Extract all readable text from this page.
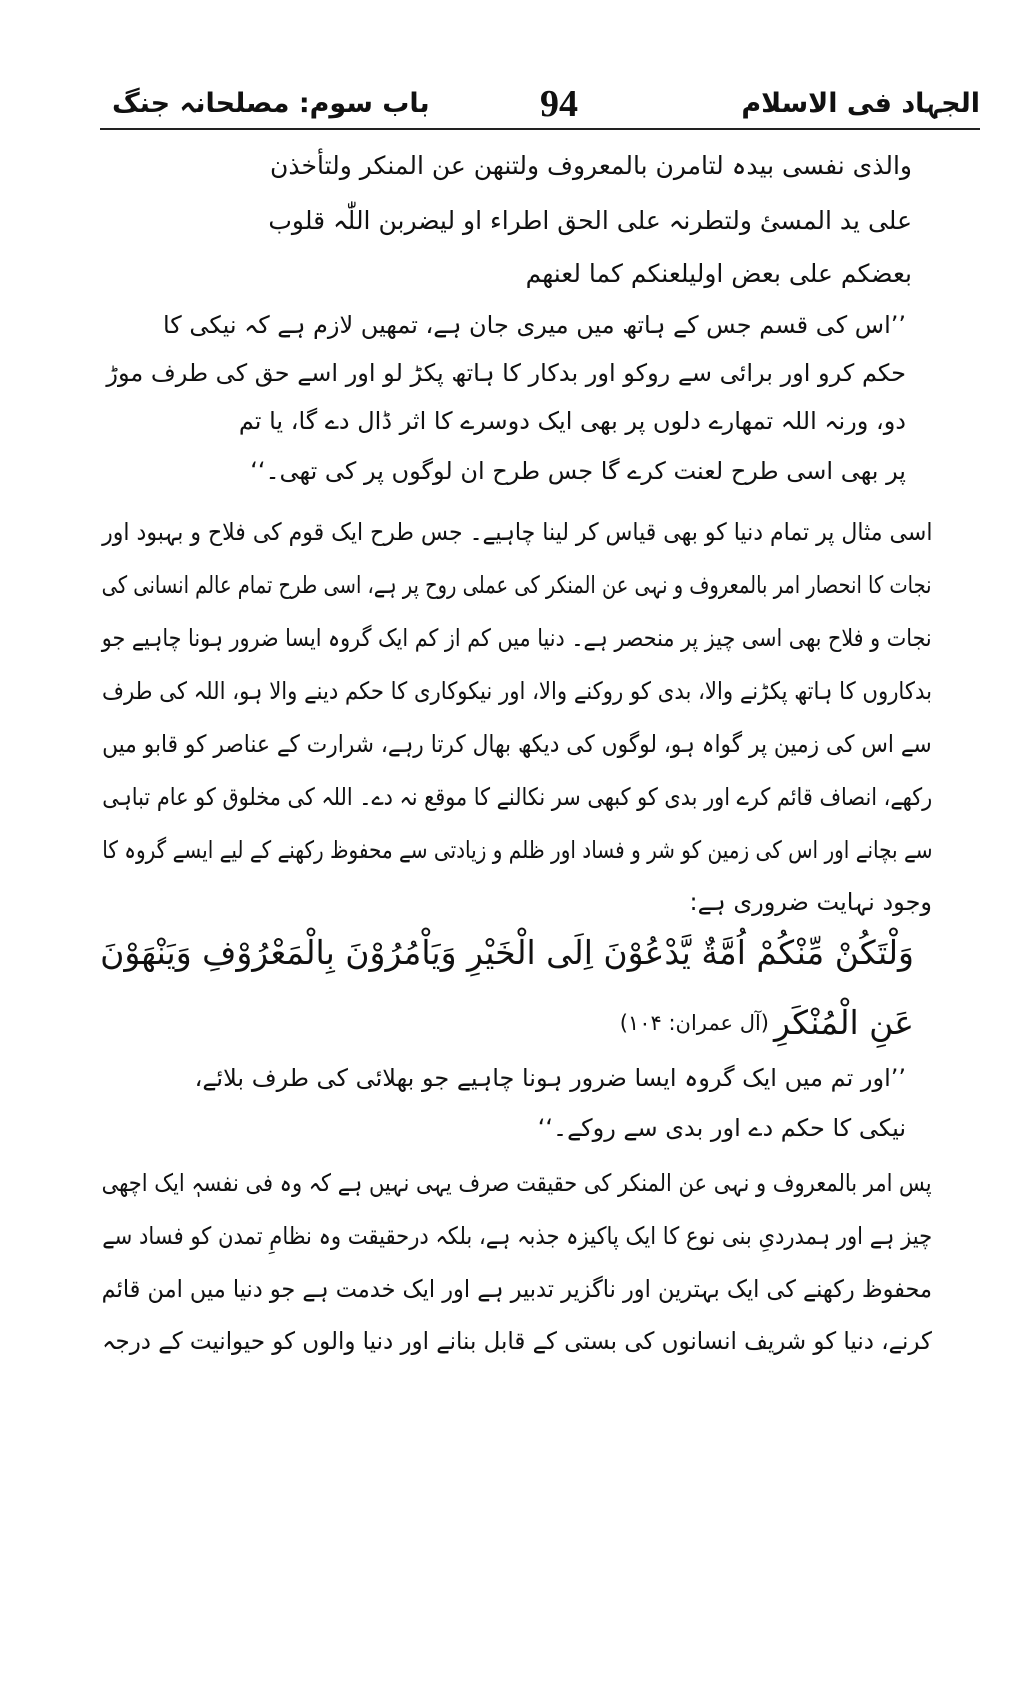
الجہاد فی الاسلام
94
باب سوم: مصلحانہ جنگ
والذی نفسی بیدہ لتامرن بالمعروف ولتنھن عن المنکر ولتأخذن
علی ید المسیٔ ولتطرنہ علی الحق اطراء او لیضربن اللّٰہ قلوب
بعضکم علی بعض اولیلعنکم کما لعنھم
’’اس کی قسم جس کے ہاتھ میں میری جان ہے، تمھیں لازم ہے کہ نیکی کا
حکم کرو اور برائی سے روکو اور بدکار کا ہاتھ پکڑ لو اور اسے حق کی طرف موڑ
دو، ورنہ اللہ تمھارے دلوں پر بھی ایک دوسرے کا اثر ڈال دے گا، یا تم
پر بھی اسی طرح لعنت کرے گا جس طرح ان لوگوں پر کی تھی۔‘‘
اسی مثال پر تمام دنیا کو بھی قیاس کر لینا چاہیے۔ جس طرح ایک قوم کی فلاح و بہبود اور
نجات کا انحصار امر بالمعروف و نہی عن المنکر کی عملی روح پر ہے، اسی طرح تمام عالم انسانی کی
نجات و فلاح بھی اسی چیز پر منحصر ہے۔ دنیا میں کم از کم ایک گروہ ایسا ضرور ہونا چاہیے جو
بدکاروں کا ہاتھ پکڑنے والا، بدی کو روکنے والا، اور نیکوکاری کا حکم دینے والا ہو، اللہ کی طرف
سے اس کی زمین پر گواہ ہو، لوگوں کی دیکھ بھال کرتا رہے، شرارت کے عناصر کو قابو میں
رکھے، انصاف قائم کرے اور بدی کو کبھی سر نکالنے کا موقع نہ دے۔ اللہ کی مخلوق کو عام تباہی
سے بچانے اور اس کی زمین کو شر و فساد اور ظلم و زیادتی سے محفوظ رکھنے کے لیے ایسے گروہ کا
وجود نہایت ضروری ہے:
وَلْتَكُنْ مِّنْكُمْ اُمَّةٌ يَّدْعُوْنَ اِلَى الْخَيْرِ وَيَاْمُرُوْنَ بِالْمَعْرُوْفِ وَيَنْهَوْنَ
عَنِ الْمُنْكَرِ
(آل عمران: ۱۰۴)
’’اور تم میں ایک گروہ ایسا ضرور ہونا چاہیے جو بھلائی کی طرف بلائے،
نیکی کا حکم دے اور بدی سے روکے۔‘‘
پس امر بالمعروف و نہی عن المنکر کی حقیقت صرف یہی نہیں ہے کہ وہ فی نفسہٖ ایک اچھی
چیز ہے اور ہمدردیِ بنی نوع کا ایک پاکیزہ جذبہ ہے، بلکہ درحقیقت وہ نظامِ تمدن کو فساد سے
محفوظ رکھنے کی ایک بہترین اور ناگزیر تدبیر ہے اور ایک خدمت ہے جو دنیا میں امن قائم
کرنے، دنیا کو شریف انسانوں کی بستی کے قابل بنانے اور دنیا والوں کو حیوانیت کے درجہ
